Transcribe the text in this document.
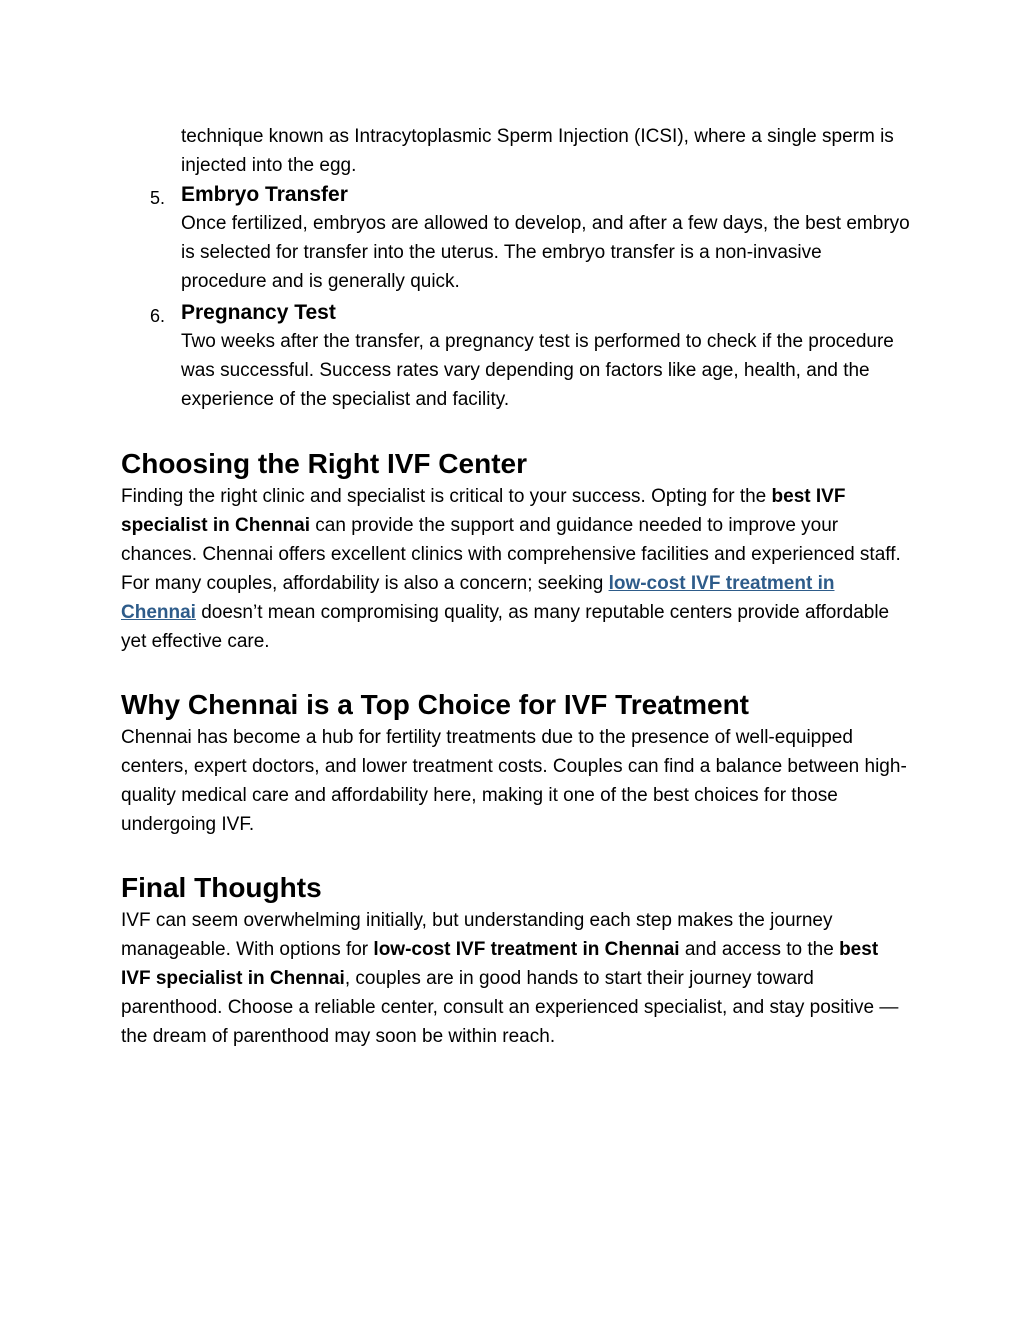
technique known as Intracytoplasmic Sperm Injection (ICSI), where a single sperm is injected into the egg.
5. Embryo Transfer
Once fertilized, embryos are allowed to develop, and after a few days, the best embryo is selected for transfer into the uterus. The embryo transfer is a non-invasive procedure and is generally quick.
6. Pregnancy Test
Two weeks after the transfer, a pregnancy test is performed to check if the procedure was successful. Success rates vary depending on factors like age, health, and the experience of the specialist and facility.
Choosing the Right IVF Center

Finding the right clinic and specialist is critical to your success. Opting for the best IVF specialist in Chennai can provide the support and guidance needed to improve your chances. Chennai offers excellent clinics with comprehensive facilities and experienced staff. For many couples, affordability is also a concern; seeking low-cost IVF treatment in Chennai doesn’t mean compromising quality, as many reputable centers provide affordable yet effective care.

Why Chennai is a Top Choice for IVF Treatment

Chennai has become a hub for fertility treatments due to the presence of well-equipped centers, expert doctors, and lower treatment costs. Couples can find a balance between high-quality medical care and affordability here, making it one of the best choices for those undergoing IVF.

Final Thoughts

IVF can seem overwhelming initially, but understanding each step makes the journey manageable. With options for low-cost IVF treatment in Chennai and access to the best IVF specialist in Chennai, couples are in good hands to start their journey toward parenthood. Choose a reliable center, consult an experienced specialist, and stay positive — the dream of parenthood may soon be within reach.
